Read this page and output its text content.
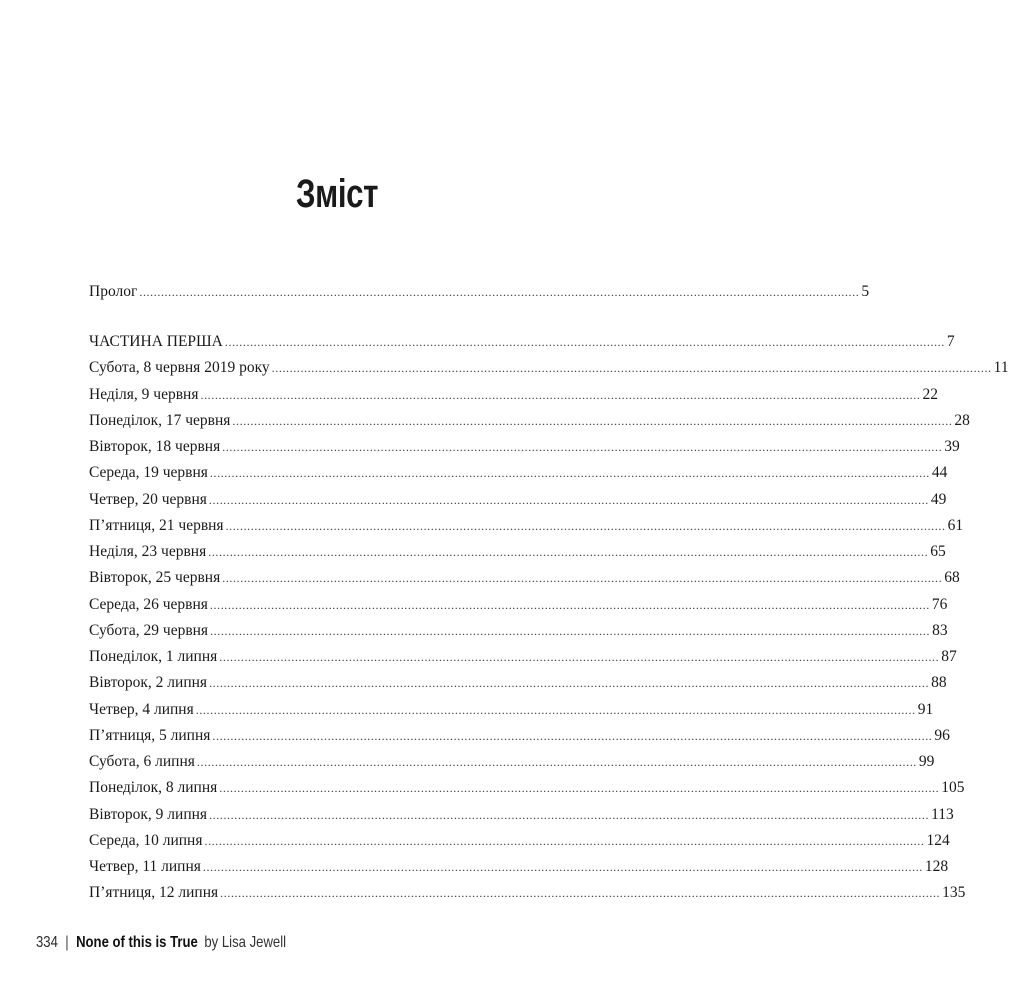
Зміст
Пролог ........................................................................................................................................................................................................ 5
ЧАСТИНА ПЕРША ........................................................................................................................................................................................................ 7
Субота, 8 червня 2019 року ........................................................................................................................................................................................................ 11
Неділя, 9 червня ........................................................................................................................................................................................................ 22
Понеділок, 17 червня ........................................................................................................................................................................................................ 28
Вівторок, 18 червня ........................................................................................................................................................................................................ 39
Середа, 19 червня ........................................................................................................................................................................................................ 44
Четвер, 20 червня ........................................................................................................................................................................................................ 49
П’ятниця, 21 червня ........................................................................................................................................................................................................ 61
Неділя, 23 червня ........................................................................................................................................................................................................ 65
Вівторок, 25 червня ........................................................................................................................................................................................................ 68
Середа, 26 червня ........................................................................................................................................................................................................ 76
Субота, 29 червня ........................................................................................................................................................................................................ 83
Понеділок, 1 липня ........................................................................................................................................................................................................ 87
Вівторок, 2 липня ........................................................................................................................................................................................................ 88
Четвер, 4 липня ........................................................................................................................................................................................................ 91
П’ятниця, 5 липня ........................................................................................................................................................................................................ 96
Субота, 6 липня ........................................................................................................................................................................................................ 99
Понеділок, 8 липня ........................................................................................................................................................................................................ 105
Вівторок, 9 липня ........................................................................................................................................................................................................ 113
Середа, 10 липня ........................................................................................................................................................................................................ 124
Четвер, 11 липня ........................................................................................................................................................................................................ 128
П’ятниця, 12 липня ........................................................................................................................................................................................................ 135
334 | None of this is True by Lisa Jewell
